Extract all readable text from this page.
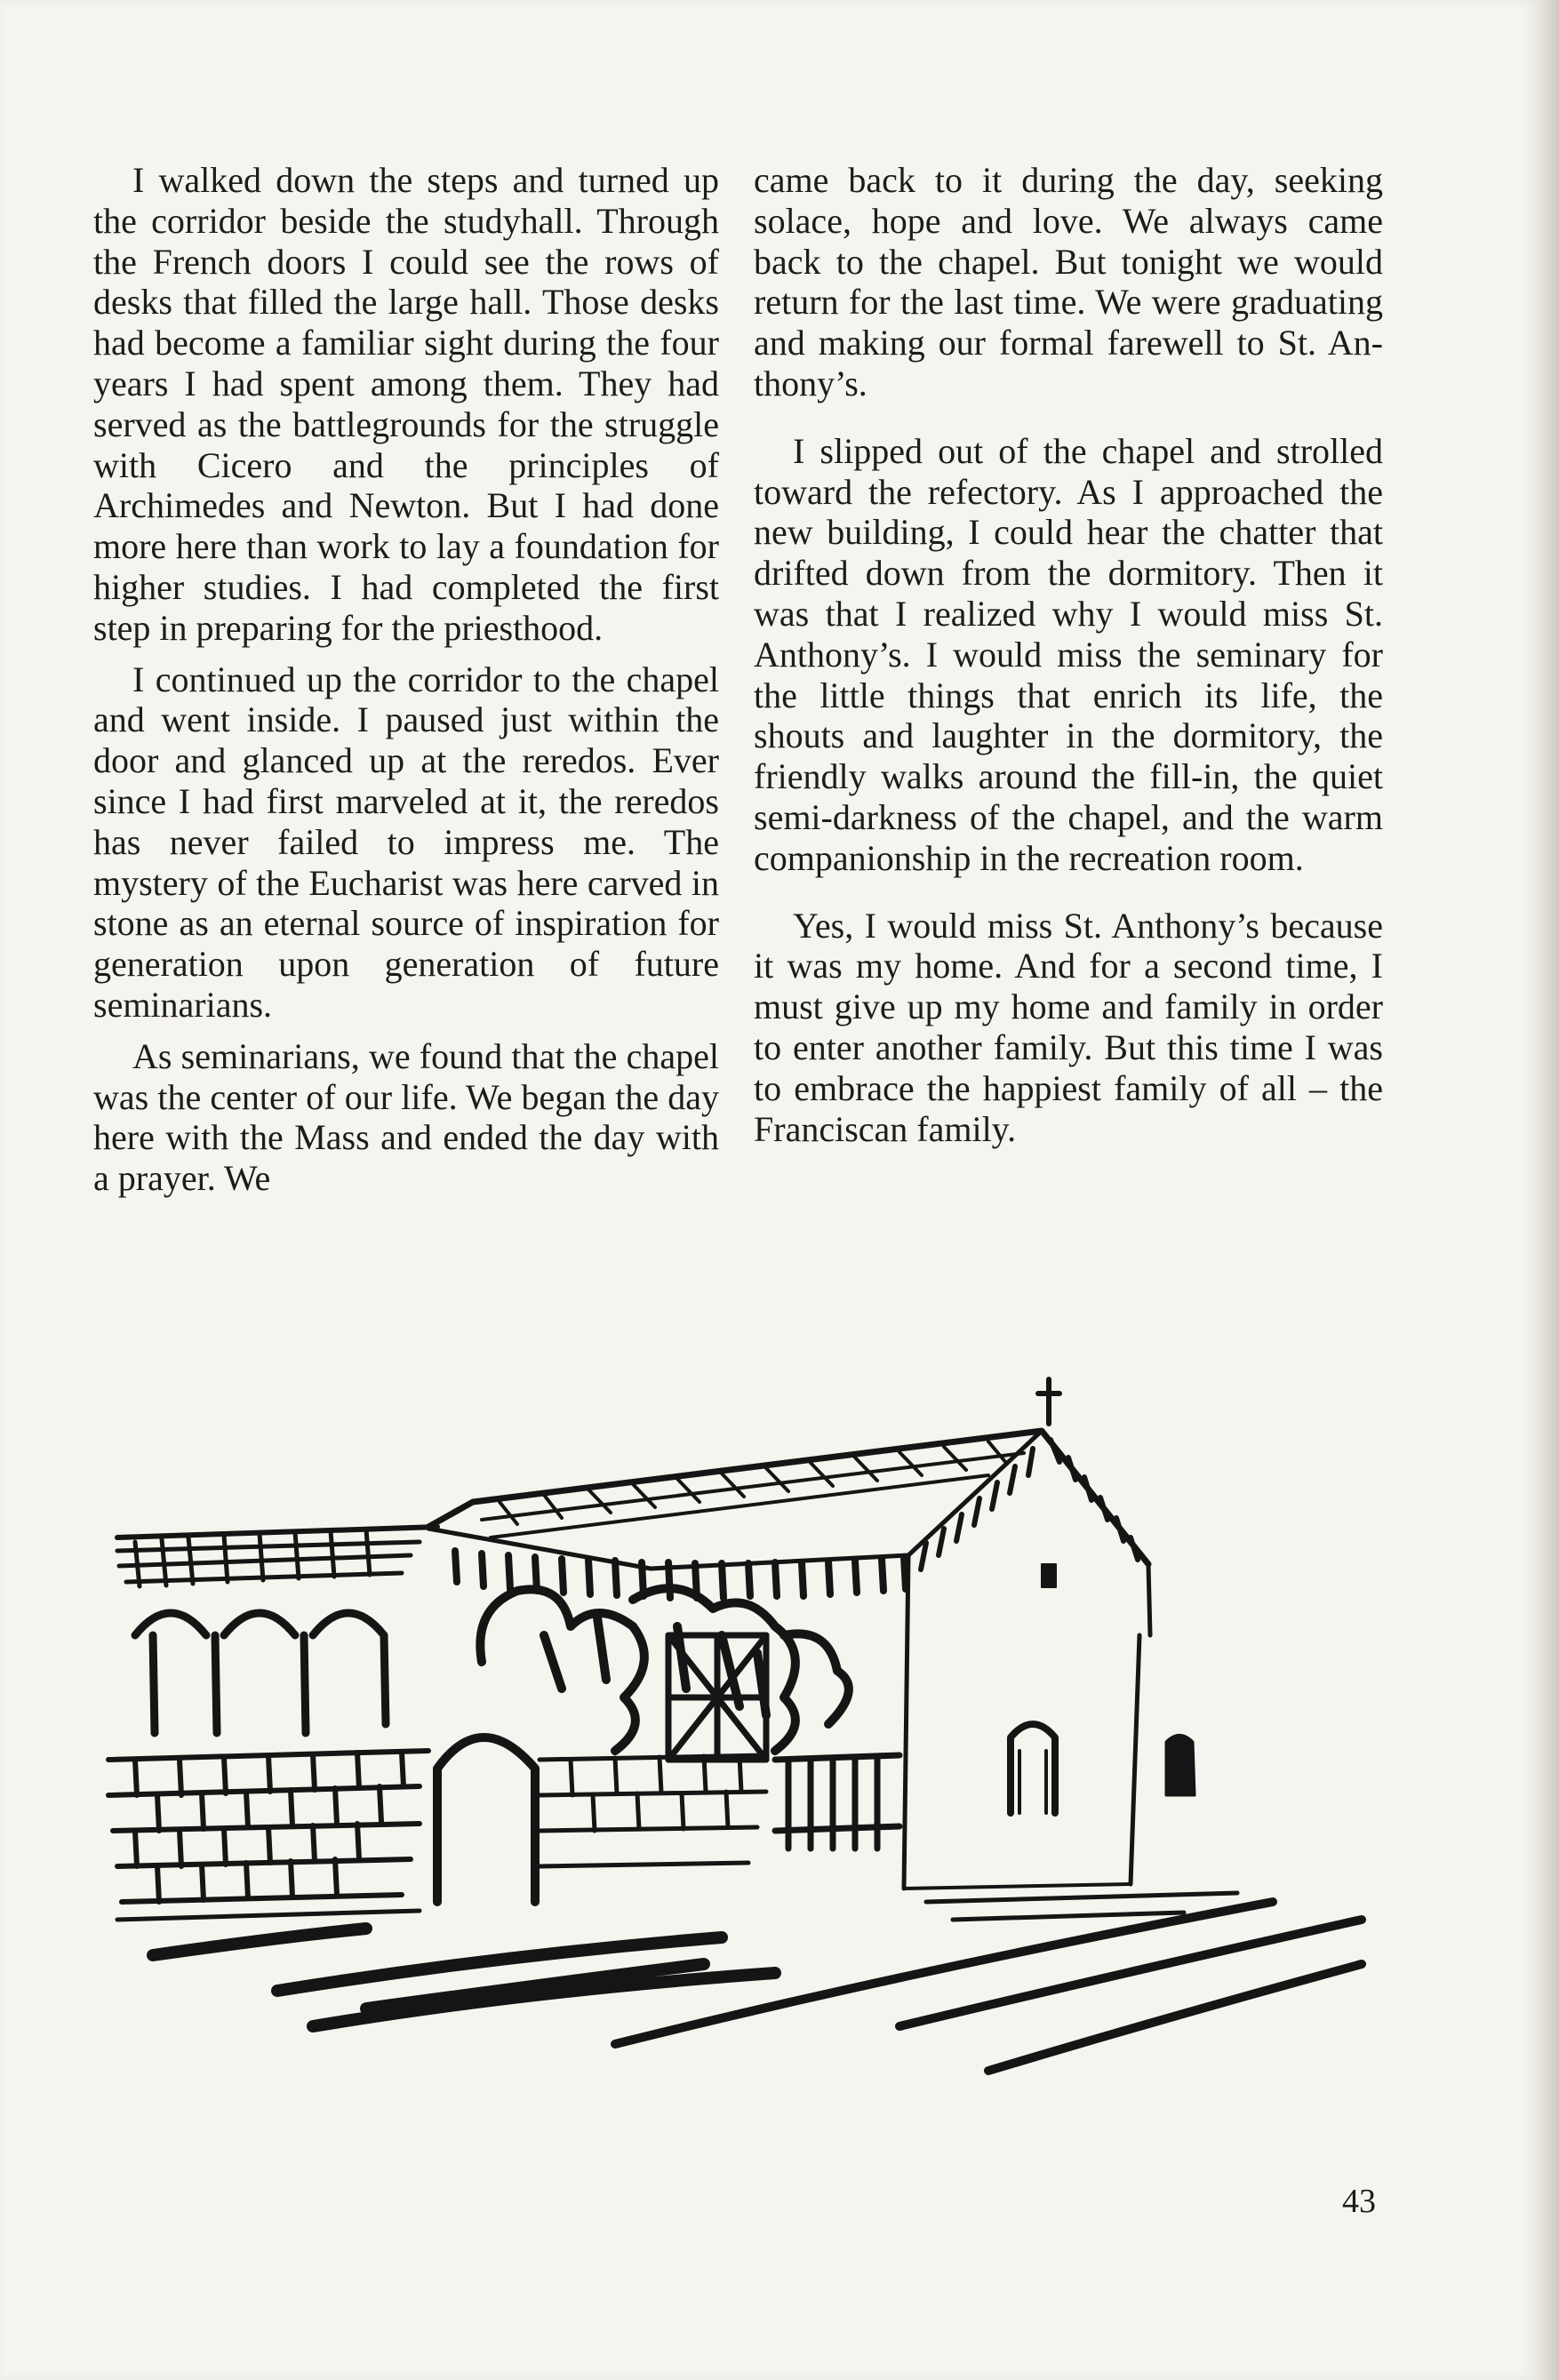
I walked down the steps and turned up the corridor beside the studyhall. Through the French doors I could see the rows of desks that filled the large hall. Those desks had become a familiar sight during the four years I had spent among them. They had served as the battlegrounds for the struggle with Cicero and the principles of Archimedes and Newton. But I had done more here than work to lay a foundation for higher studies. I had completed the first step in preparing for the priesthood.

I continued up the corridor to the chapel and went inside. I paused just within the door and glanced up at the reredos. Ever since I had first marveled at it, the reredos has never failed to impress me. The mystery of the Eucharist was here carved in stone as an eternal source of inspiration for generation upon generation of future seminarians.

As seminarians, we found that the chapel was the center of our life. We began the day here with the Mass and ended the day with a prayer. We

came back to it during the day, seeking solace, hope and love. We always came back to the chapel. But tonight we would return for the last time. We were graduating and making our formal farewell to St. Anthony’s.

I slipped out of the chapel and strolled toward the refectory. As I approached the new building, I could hear the chatter that drifted down from the dormitory. Then it was that I realized why I would miss St. Anthony’s. I would miss the seminary for the little things that enrich its life, the shouts and laughter in the dormitory, the friendly walks around the fill-in, the quiet semi-darkness of the chapel, and the warm companionship in the recreation room.

Yes, I would miss St. Anthony’s because it was my home. And for a second time, I must give up my home and family in order to enter another family. But this time I was to embrace the happiest family of all – the Franciscan family.

43
